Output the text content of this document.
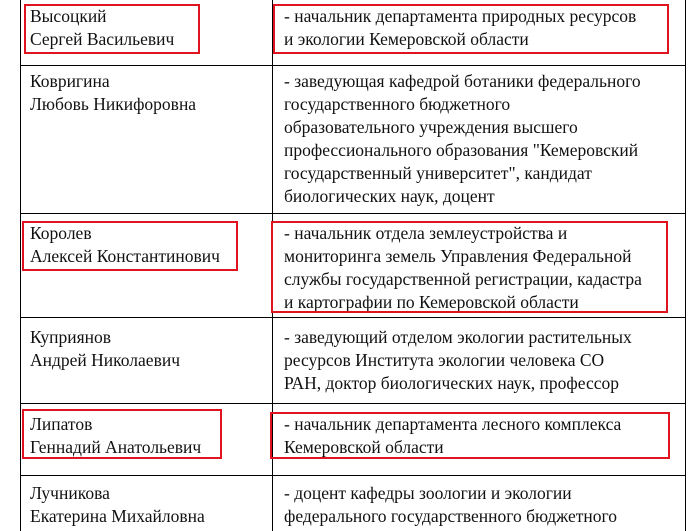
Высоцкий
Сергей Васильевич
- начальник департамента природных ресурсов
и экологии Кемеровской области
Ковригина
Любовь Никифоровна
- заведующая кафедрой ботаники федерального
государственного бюджетного
образовательного учреждения высшего
профессионального образования "Кемеровский
государственный университет", кандидат
биологических наук, доцент
Королев
Алексей Константинович
- начальник отдела землеустройства и
мониторинга земель Управления Федеральной
службы государственной регистрации, кадастра
и картографии по Кемеровской области
Куприянов
Андрей Николаевич
- заведующий отделом экологии растительных
ресурсов Института экологии человека СО
РАН, доктор биологических наук, профессор
Липатов
Геннадий Анатольевич
- начальник департамента лесного комплекса
Кемеровской области
Лучникова
Екатерина Михайловна
- доцент кафедры зоологии и экологии
федерального государственного бюджетного
